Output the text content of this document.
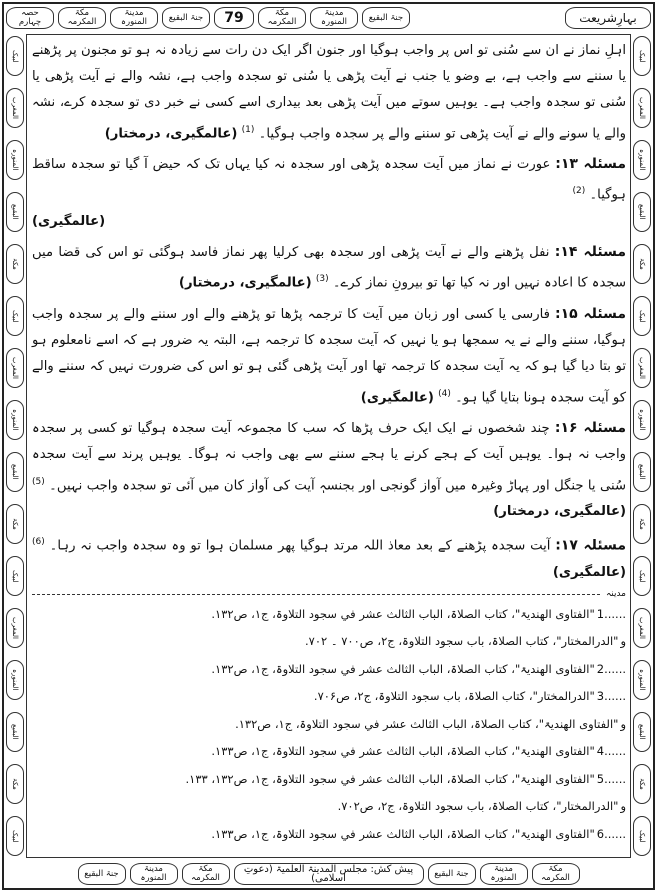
حصہ چہارم
مکۃ المکرمہ
مدینۃ المنورہ	جنۃ البقیع	79	مکۃ المکرمہ
مدینۃ المنورہ	جنۃ البقیع	بہارِشریعت
لبیک
المغرب
المنورہ
البقیع
مکۃ
لبیک
المغرب
المنورہ
البقیع
مکۃ
لبیک
المغرب
المنورہ
البقیع
مکۃ
لبیک
لبیک
المغرب
المنورہ
البقیع
مکۃ
لبیک
المغرب
المنورہ
البقیع
مکۃ
لبیک
المغرب
المنورہ
البقیع
مکۃ
لبیک

اہلِ نماز نے ان سے سُنی تو اس پر واجب ہوگیا اور جنون اگر ایک دن رات سے زیادہ نہ ہو تو مجنون پر پڑھنے یا سننے سے واجب ہے، بے وضو یا جنب نے آیت پڑھی یا سُنی تو سجدہ واجب ہے، نشہ والے نے آیت پڑھی یا سُنی تو سجدہ واجب ہے۔ یوہیں سوتے میں آیت پڑھی بعد بیداری اسے کسی نے خبر دی تو سجدہ کرے، نشہ والے یا سونے والے نے آیت پڑھی تو سننے والے پر سجدہ واجب ہوگیا۔ $^{(1)}$ (عالمگیری، درمختار)

مسئلہ ۱۳: عورت نے نماز میں آیت سجدہ پڑھی اور سجدہ نہ کیا یہاں تک کہ حیض آ گیا تو سجدہ ساقط ہوگیا۔ $^{(2)}$
(عالمگیری)

مسئلہ ۱۴: نفل پڑھنے والے نے آیت پڑھی اور سجدہ بھی کرلیا پھر نماز فاسد ہوگئی تو اس کی قضا میں سجدہ کا اعادہ نہیں اور نہ کیا تھا تو بیرونِ نماز کرے۔ $^{(3)}$ (عالمگیری، درمختار)

مسئلہ ۱۵: فارسی یا کسی اور زبان میں آیت کا ترجمہ پڑھا تو پڑھنے والے اور سننے والے پر سجدہ واجب ہوگیا، سننے والے نے یہ سمجھا ہو یا نہیں کہ آیت سجدہ کا ترجمہ ہے، البتہ یہ ضرور ہے کہ اسے نامعلوم ہو تو بتا دیا گیا ہو کہ یہ آیت سجدہ کا ترجمہ تھا اور آیت پڑھی گئی ہو تو اس کی ضرورت نہیں کہ سننے والے کو آیت سجدہ ہونا بتایا گیا ہو۔ $^{(4)}$ (عالمگیری)

مسئلہ ۱۶: چند شخصوں نے ایک ایک حرف پڑھا کہ سب کا مجموعہ آیت سجدہ ہوگیا تو کسی پر سجدہ واجب نہ ہوا۔ یوہیں آیت کے ہجے کرنے یا ہجے سننے سے بھی واجب نہ ہوگا۔ یوہیں پرند سے آیت سجدہ سُنی یا جنگل اور پہاڑ وغیرہ میں آواز گونجی اور بجنسہٖ آیت کی آواز کان میں آئی تو سجدہ واجب نہیں۔ $^{(5)}$ (عالمگیری، درمختار)

مسئلہ ۱۷: آیت سجدہ پڑھنے کے بعد معاذ اللہ مرتد ہوگیا پھر مسلمان ہوا تو وہ سجدہ واجب نہ رہا۔ $^{(6)}$ (عالمگیری)

مدینہ
"الفتاوی الھندیۃ"، کتاب الصلاۃ، الباب الثالث عشر في سجود التلاوۃ، ج۱، ص۱۳۲. 1......
"الدرالمختار"، کتاب الصلاۃ، باب سجود التلاوۃ، ج۲، ص۷۰۰ ۔ ۷۰۲. و
"الفتاوی الھندیۃ"، کتاب الصلاۃ، الباب الثالث عشر في سجود التلاوۃ، ج۱، ص۱۳۲. 2......
"الدرالمختار"، کتاب الصلاۃ، باب سجود التلاوۃ، ج۲، ص۷۰۶. 3......
"الفتاوی الھندیۃ"، کتاب الصلاۃ، الباب الثالث عشر في سجود التلاوۃ، ج۱، ص۱۳۲. و
"الفتاوی الھندیۃ"، کتاب الصلاۃ، الباب الثالث عشر في سجود التلاوۃ، ج۱، ص۱۳۳. 4......
"الفتاوی الھندیۃ"، کتاب الصلاۃ، الباب الثالث عشر في سجود التلاوۃ، ج۱، ص۱۳۲، ۱۳۳. 5......
"الدرالمختار"، کتاب الصلاۃ، باب سجود التلاوۃ، ج۲، ص۷۰۲. و
"الفتاوی الھندیۃ"، کتاب الصلاۃ، الباب الثالث عشر في سجود التلاوۃ، ج۱، ص۱۳۳. 6......
جنۃ البقیع	مدینۃ المنورہ
مکۃ المکرمہ
پیش کش: مجلس المدینۃ العلمیۃ (دعوتِ اسلامی)	جنۃ البقیع	مدینۃ المنورہ
مکۃ المکرمہ
